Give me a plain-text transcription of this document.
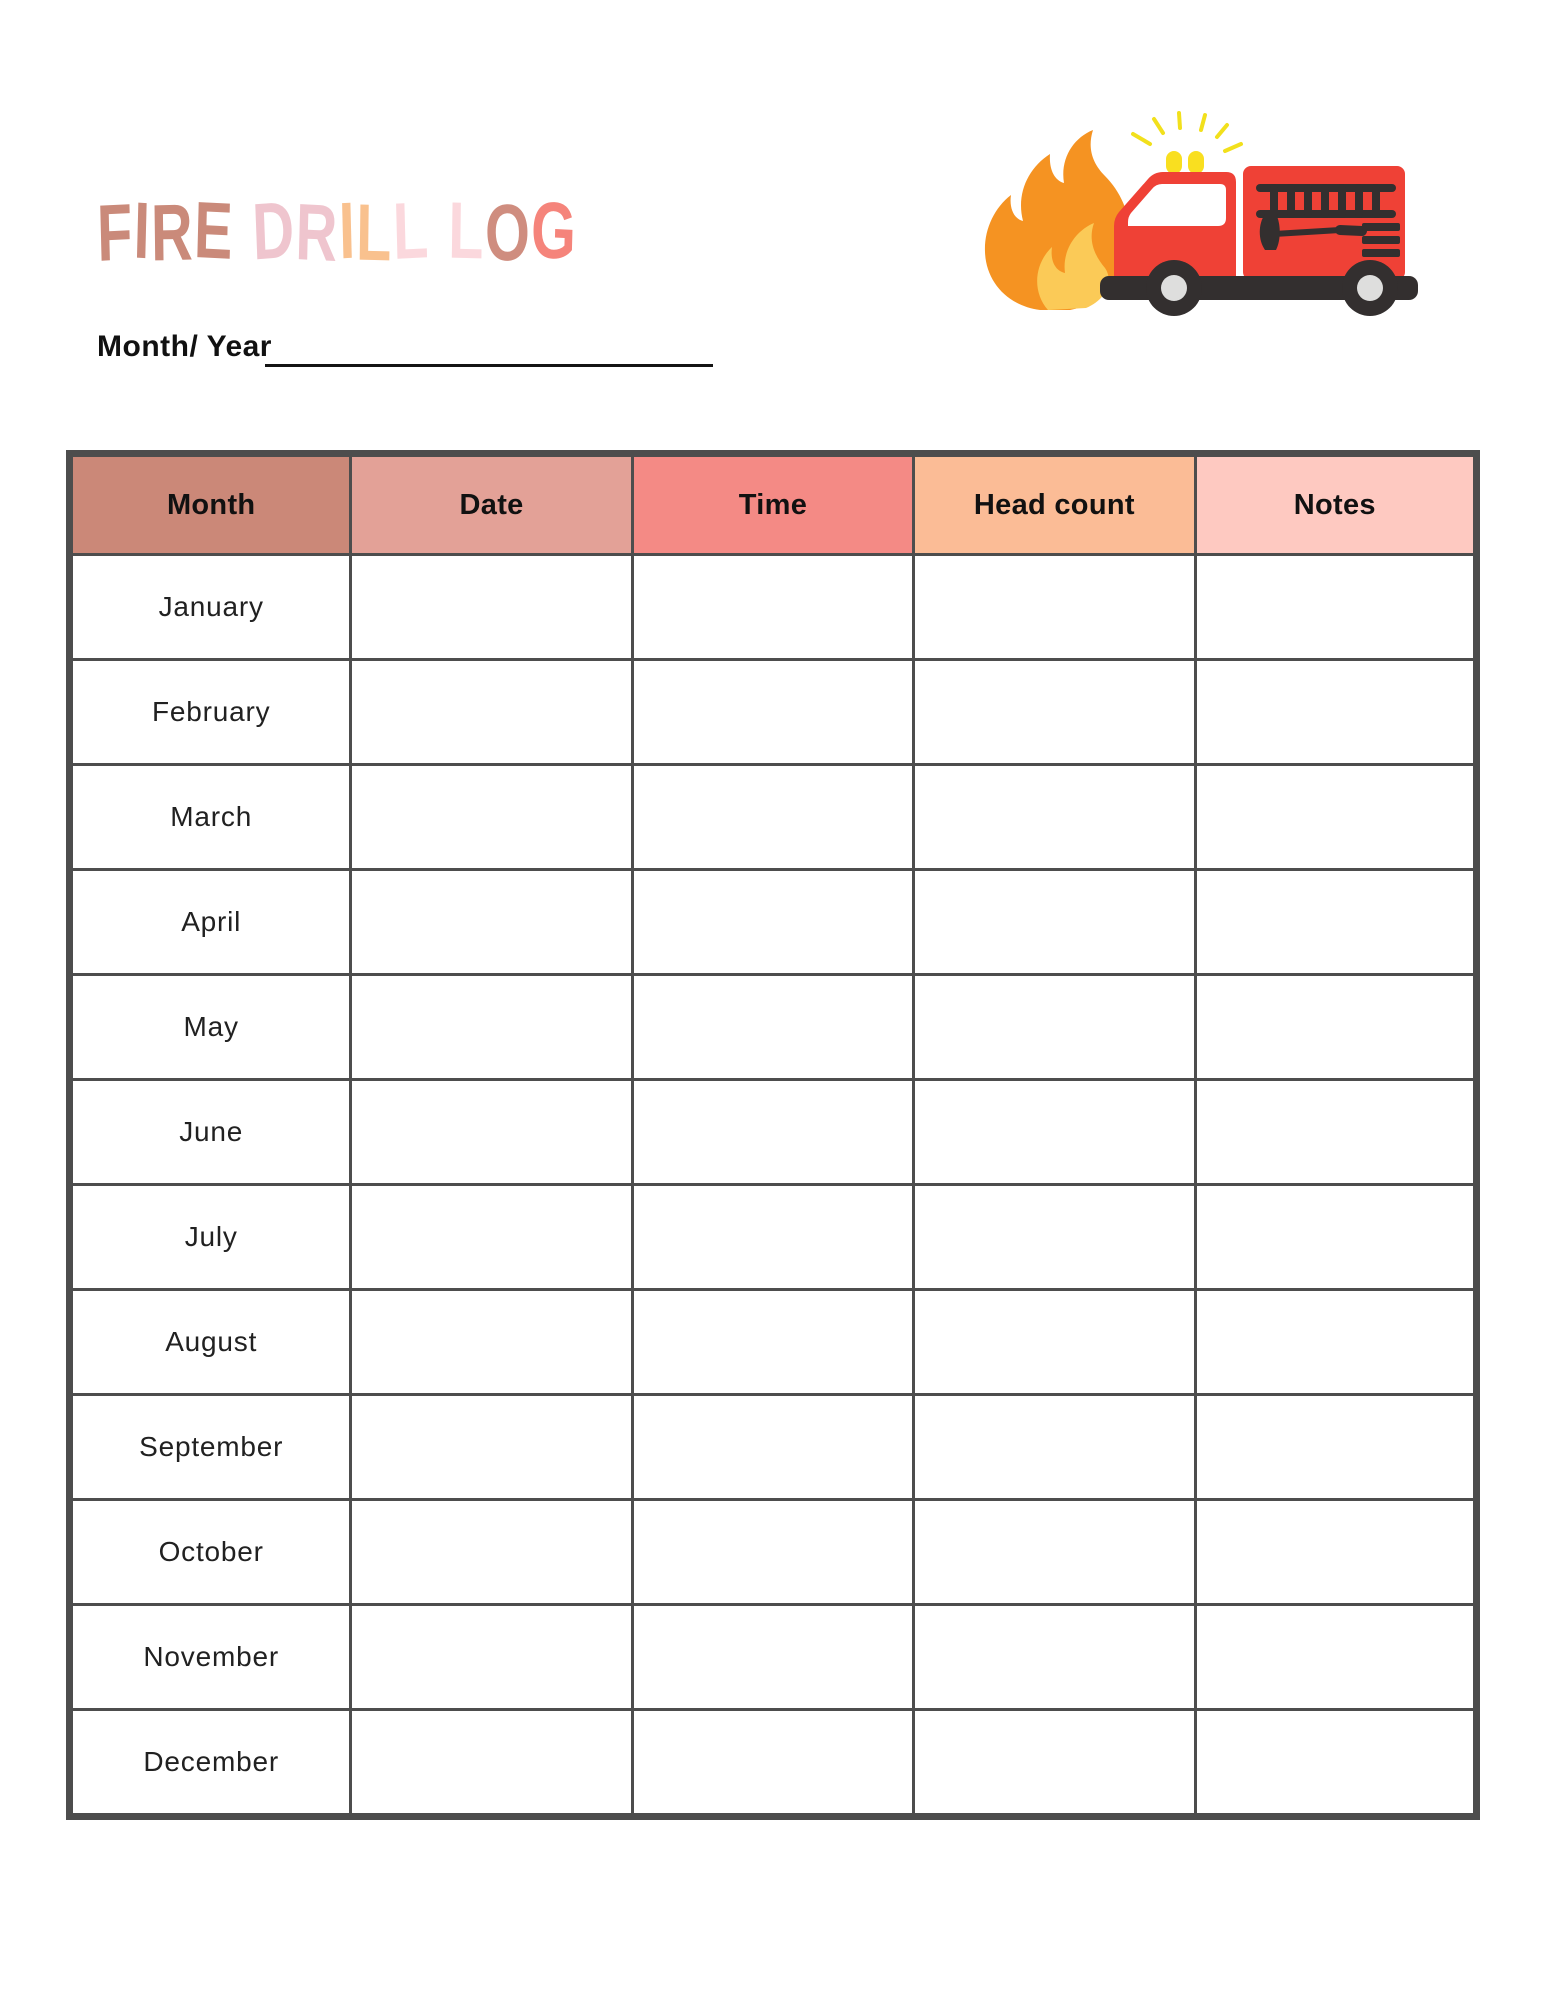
FIRE DRILL LOG
Month/ Year
Month	Date	Time	Head count	Notes
January				
February				
March				
April				
May				
June				
July				
August				
September				
October				
November				
December				
